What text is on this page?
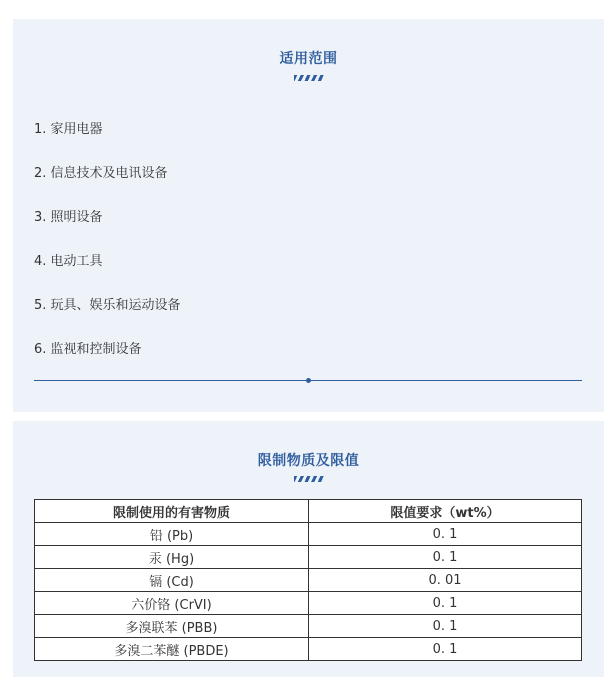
适用范围
1. 家用电器
2. 信息技术及电讯设备
3. 照明设备
4. 电动工具
5. 玩具、娱乐和运动设备
6. 监视和控制设备
限制物质及限值
限制使用的有害物质	限值要求（wt%）
铅 (Pb)	0. 1
汞 (Hg)	0. 1
镉 (Cd)	0. 01
六价铬 (CrVI)	0. 1
多溴联苯 (PBB)	0. 1
多溴二苯醚 (PBDE)	0. 1
